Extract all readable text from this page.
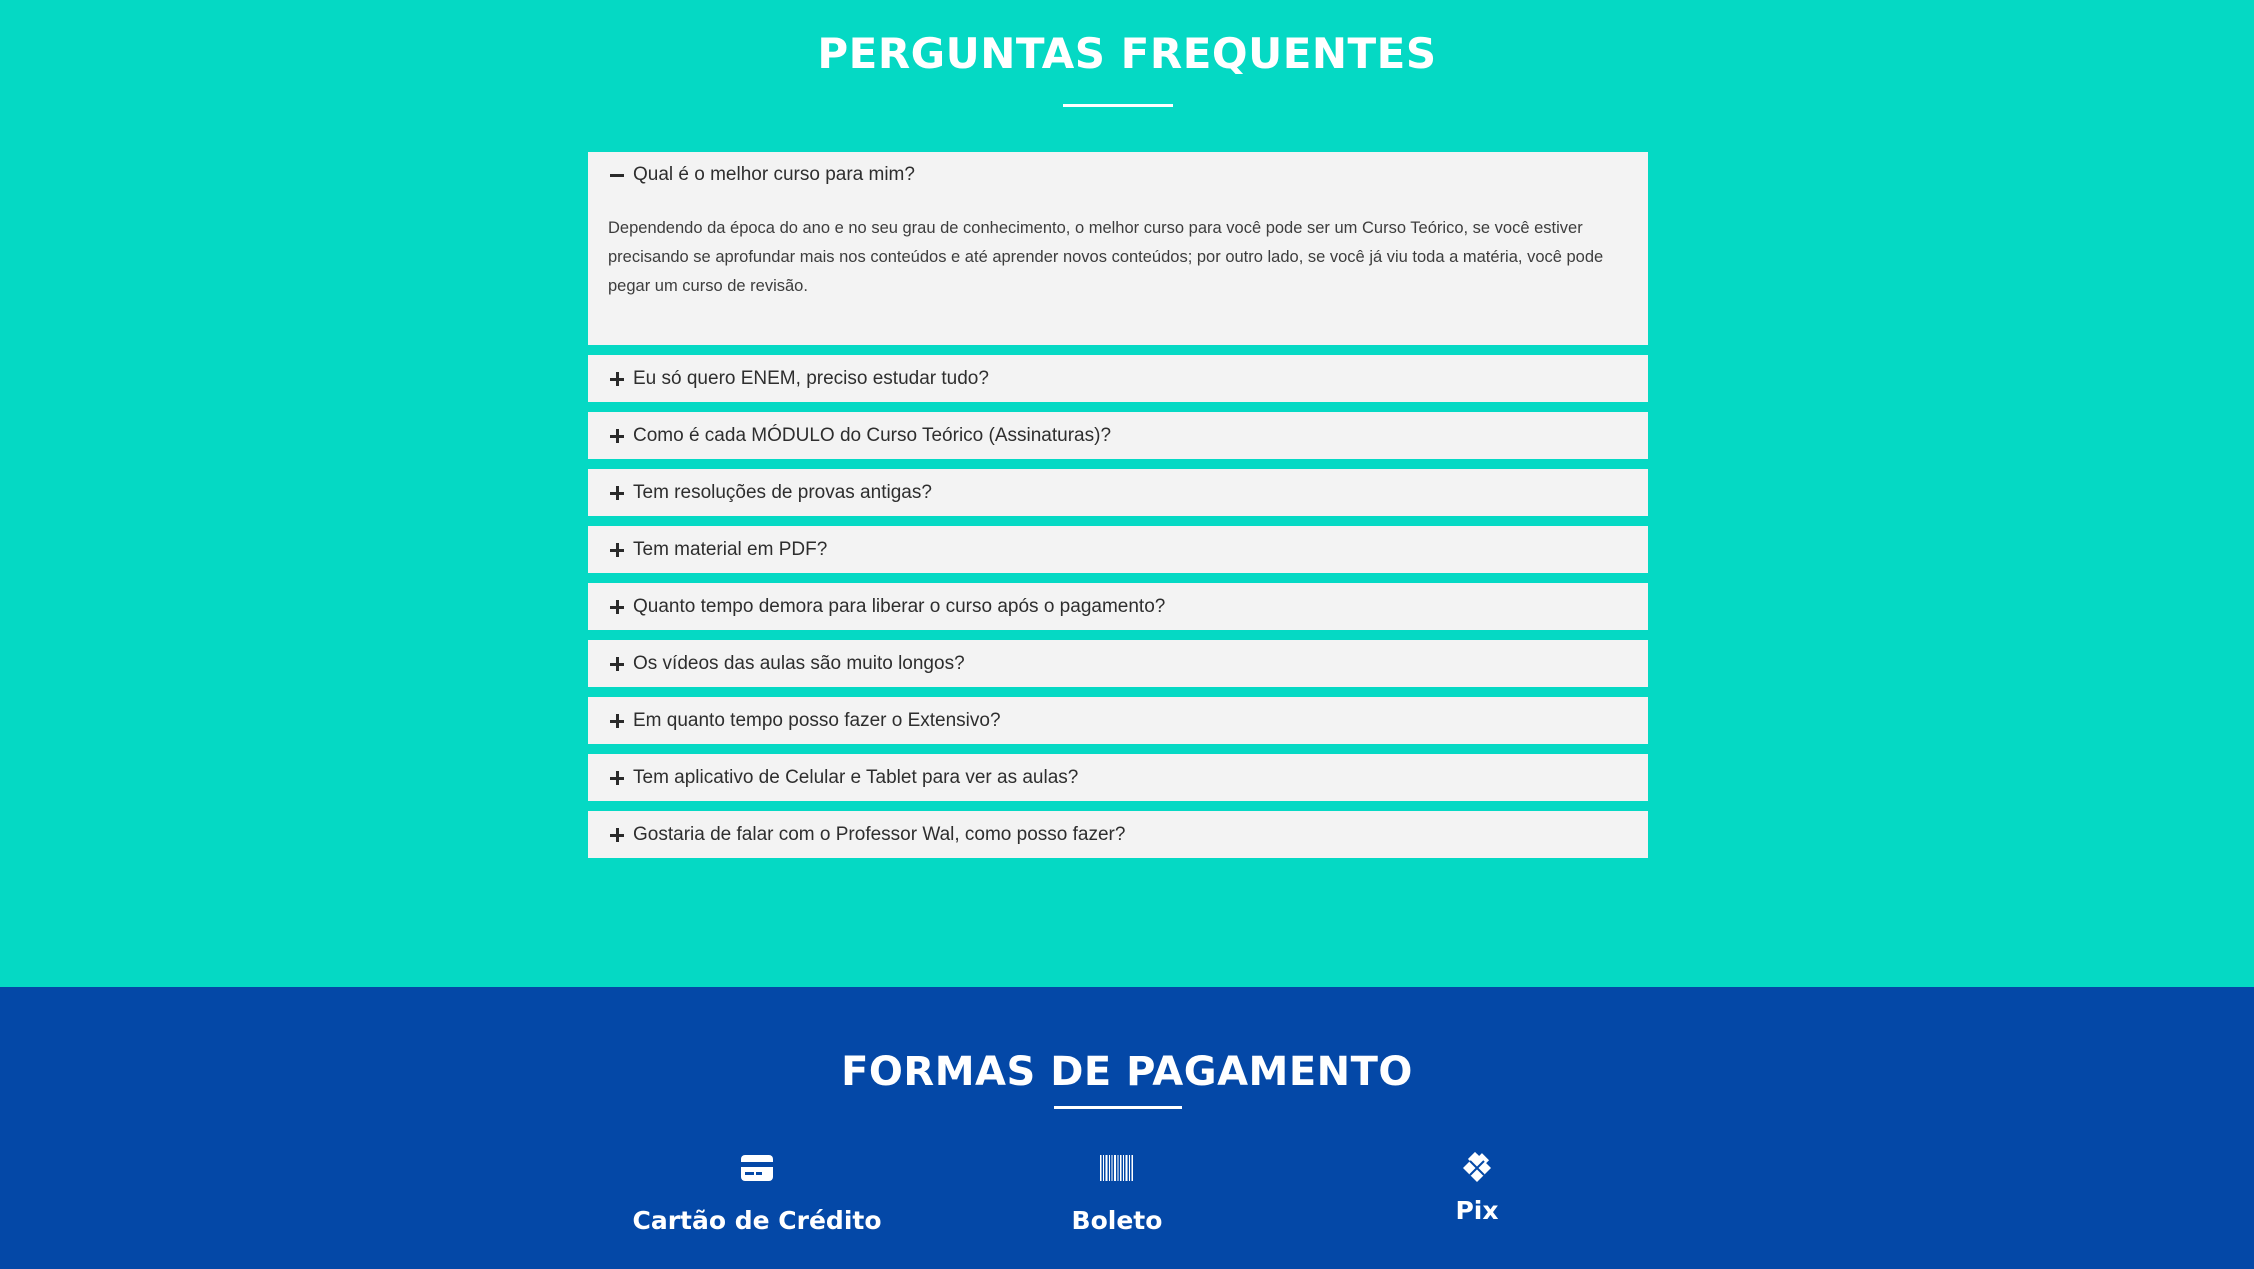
PERGUNTAS FREQUENTES
Qual é o melhor curso para mim?
Dependendo da época do ano e no seu grau de conhecimento, o melhor curso para você pode ser um Curso Teórico, se você estiver precisando se aprofundar mais nos conteúdos e até aprender novos conteúdos; por outro lado, se você já viu toda a matéria, você pode pegar um curso de revisão.
Eu só quero ENEM, preciso estudar tudo?
Como é cada MÓDULO do Curso Teórico (Assinaturas)?
Tem resoluções de provas antigas?
Tem material em PDF?
Quanto tempo demora para liberar o curso após o pagamento?
Os vídeos das aulas são muito longos?
Em quanto tempo posso fazer o Extensivo?
Tem aplicativo de Celular e Tablet para ver as aulas?
Gostaria de falar com o Professor Wal, como posso fazer?
FORMAS DE PAGAMENTO
Cartão de Crédito	Boleto	Pix
